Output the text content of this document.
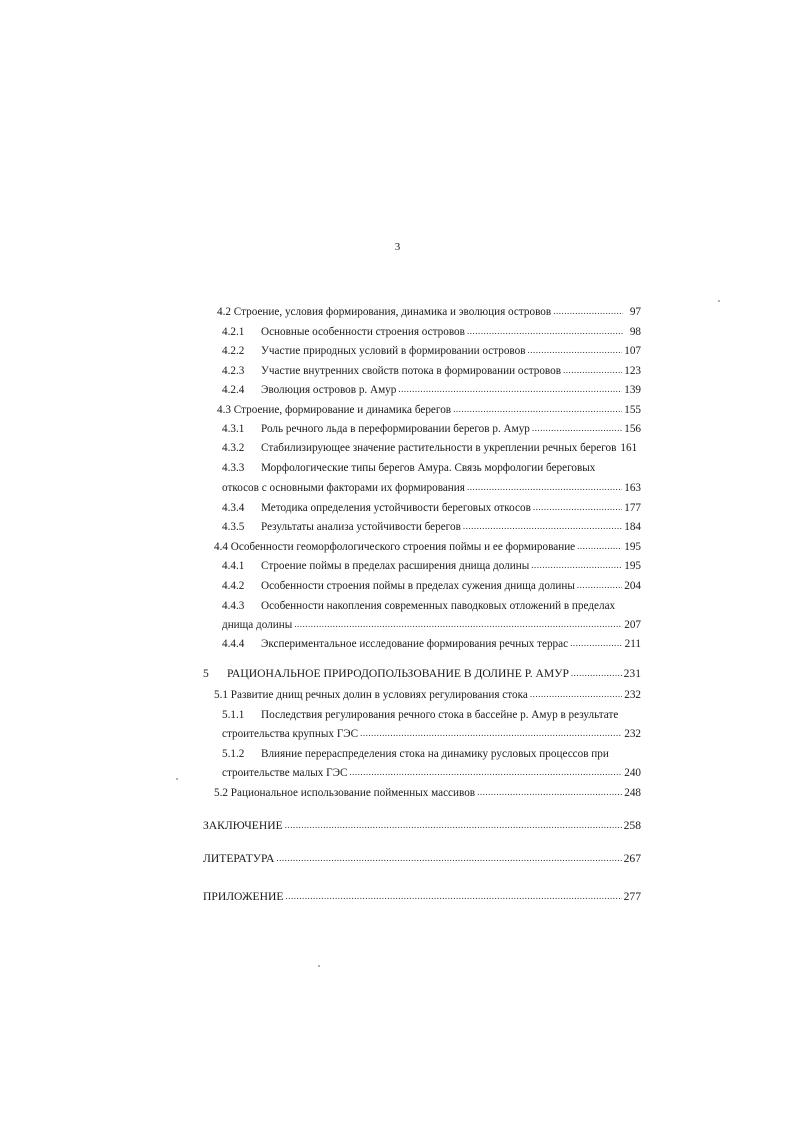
3
4.2 Строение, условия формирования, динамика и эволюция островов .....	97
4.2.1	Основные особенности строения островов .....	98
4.2.2	Участие природных условий в формировании островов .....	107
4.2.3	Участие внутренних свойств потока в формировании островов .....	123
4.2.4	Эволюция островов р. Амур .....	139
4.3 Строение, формирование и динамика берегов .....	155
4.3.1	Роль речного льда в переформировании берегов р. Амур .....	156
4.3.2	Стабилизирующее значение растительности в укреплении речных берегов 161
4.3.3	Морфологические типы берегов Амура. Связь морфологии береговых
откосов с основными факторами их формирования .....	163
4.3.4	Методика определения устойчивости береговых откосов .....	177
4.3.5	Результаты анализа устойчивости берегов .....	184
4.4 Особенности геоморфологического строения поймы и ее формирование .....	195
4.4.1	Строение поймы в пределах расширения днища долины .....	195
4.4.2	Особенности строения поймы в пределах сужения днища долины .....	204
4.4.3	Особенности накопления современных паводковых отложений в пределах
днища долины .....	207
4.4.4	Экспериментальное исследование формирования речных террас .....	211
5	РАЦИОНАЛЬНОЕ ПРИРОДОПОЛЬЗОВАНИЕ В ДОЛИНЕ Р. АМУР .....	231
5.1 Развитие днищ речных долин в условиях регулирования стока .....	232
5.1.1	Последствия регулирования речного стока в бассейне р. Амур в результате
строительства крупных ГЭС .....	232
5.1.2	Влияние перераспределения стока на динамику русловых процессов при
строительстве малых ГЭС .....	240
5.2 Рациональное использование пойменных массивов .....	248
ЗАКЛЮЧЕНИЕ .....	258
ЛИТЕРАТУРА .....	267
ПРИЛОЖЕНИЕ .....	277
